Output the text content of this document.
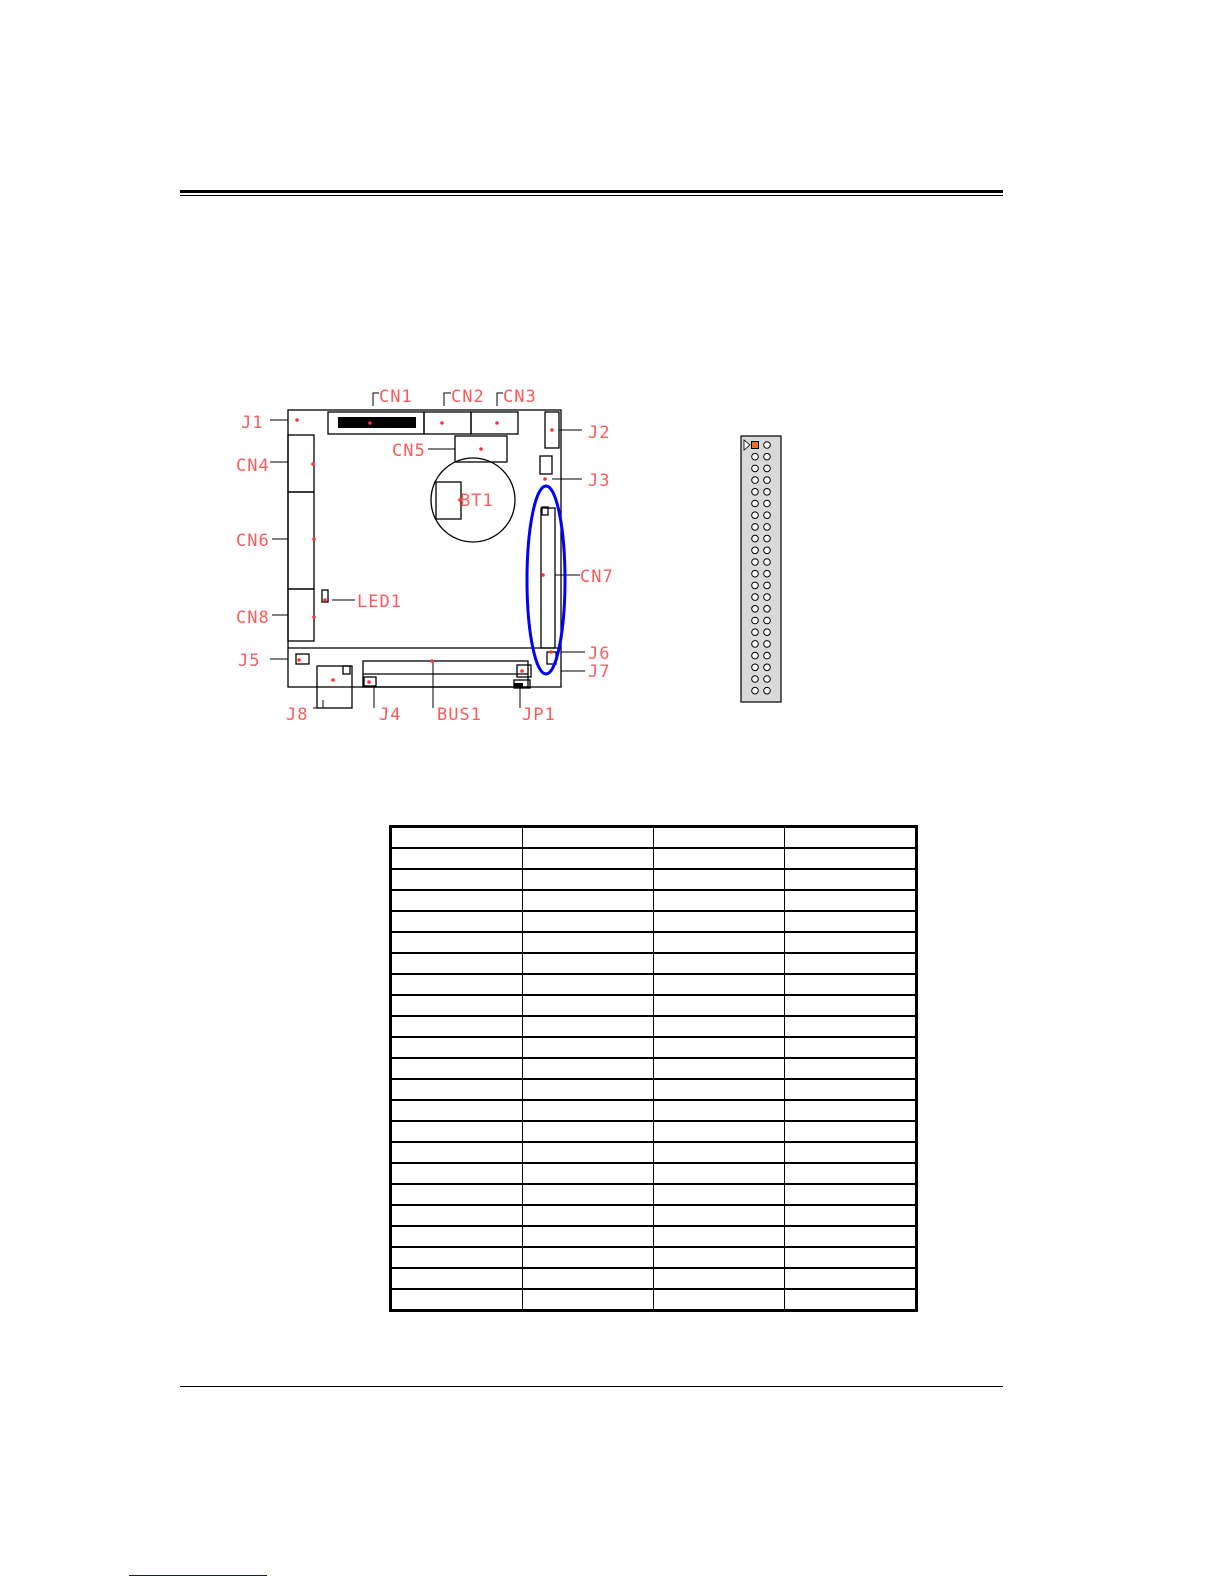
J1
CN1 CN2 CN3
J2
CN5
CN4
J3
BT1
CN6
CN7
LED1
CN8
J6
J5
J7
J8	J4 BUS1 JP1
